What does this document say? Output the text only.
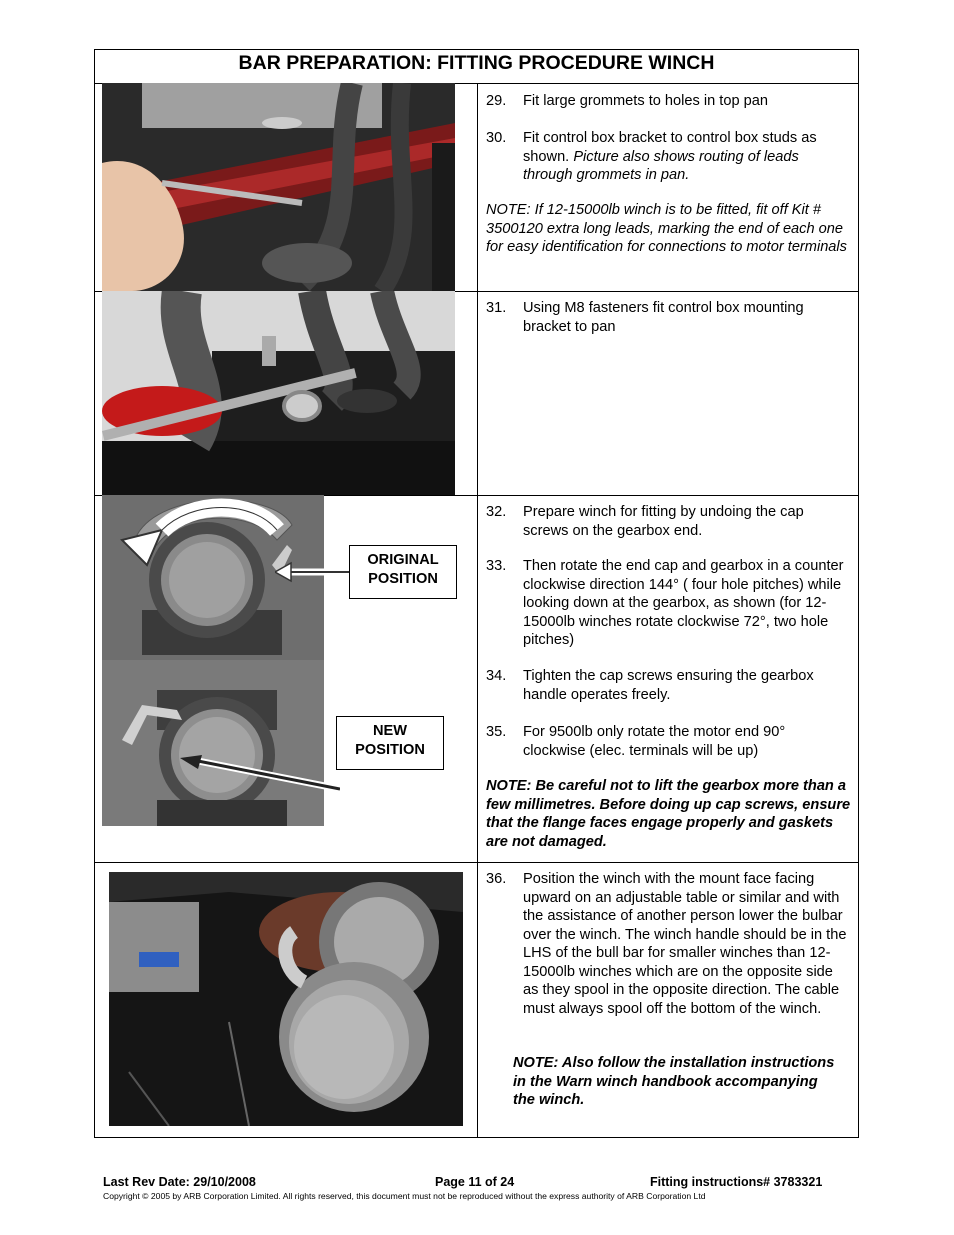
BAR PREPARATION: FITTING PROCEDURE WINCH
29. Fit large grommets to holes in top pan
30. Fit control box bracket to control box studs as shown. Picture also shows routing of leads through grommets in pan.
NOTE: If 12-15000lb winch is to be fitted, fit off Kit # 3500120 extra long leads, marking the end of each one for easy identification for connections to motor terminals
31. Using M8 fasteners fit control box mounting bracket to pan
ORIGINAL
POSITION
NEW
POSITION
32. Prepare winch for fitting by undoing the cap screws on the gearbox end.
33. Then rotate the end cap and gearbox in a counter clockwise direction 144° ( four hole pitches) while looking down at the gearbox, as shown (for 12-15000lb winches rotate clockwise 72°, two hole pitches)
34. Tighten the cap screws ensuring the gearbox handle operates freely.
35. For 9500lb only rotate the motor end 90° clockwise (elec. terminals will be up)
NOTE: Be careful not to lift the gearbox more than a few millimetres. Before doing up cap screws, ensure that the flange faces engage properly and gaskets are not damaged.
36. Position the winch with the mount face facing upward on an adjustable table or similar and with the assistance of another person lower the bulbar over the winch. The winch handle should be in the LHS of the bull bar for smaller winches than 12-15000lb winches which are on the opposite side as they spool in the opposite direction. The cable must always spool off the bottom of the winch.
NOTE: Also follow the installation instructions in the Warn winch handbook accompanying the winch.
Last Rev Date: 29/10/2008	Page 11 of 24	Fitting instructions# 3783321
Copyright © 2005 by ARB Corporation Limited. All rights reserved, this document must not be reproduced without the express authority of ARB Corporation Ltd
